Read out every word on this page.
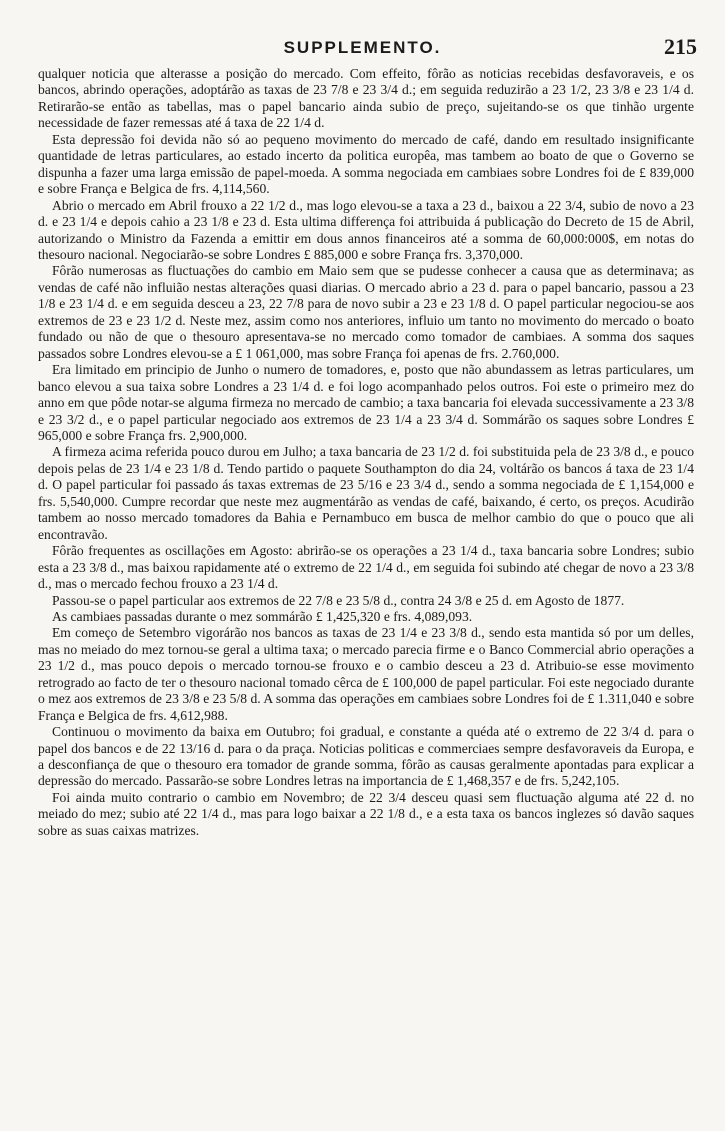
SUPPLEMENTO.	215

qualquer noticia que alterasse a posição do mercado. Com effeito, fôrão as noticias recebidas desfavoraveis, e os bancos, abrindo operações, adoptárão as taxas de 23 7/8 e 23 3/4 d.; em seguida reduzirão a 23 1/2, 23 3/8 e 23 1/4 d. Retirarão-se então as tabellas, mas o papel bancario ainda subio de preço, sujeitando-se os que tinhão urgente necessidade de fazer remessas até á taxa de 22 1/4 d.

Esta depressão foi devida não só ao pequeno movimento do mercado de café, dando em resultado insignificante quantidade de letras particulares, ao estado incerto da politica europêa, mas tambem ao boato de que o Governo se dispunha a fazer uma larga emissão de papel-moeda. A somma negociada em cambiaes sobre Londres foi de £ 839,000 e sobre França e Belgica de frs. 4,114,560.

Abrio o mercado em Abril frouxo a 22 1/2 d., mas logo elevou-se a taxa a 23 d., baixou a 22 3/4, subio de novo a 23 d. e 23 1/4 e depois cahio a 23 1/8 e 23 d. Esta ultima differença foi attribuida á publicação do Decreto de 15 de Abril, autorizando o Ministro da Fazenda a emittir em dous annos financeiros até a somma de 60,000:000$, em notas do thesouro nacional. Negociarão-se sobre Londres £ 885,000 e sobre França frs. 3,370,000.

Fôrão numerosas as fluctuações do cambio em Maio sem que se pudesse conhecer a causa que as determinava; as vendas de café não influião nestas alterações quasi diarias. O mercado abrio a 23 d. para o papel bancario, passou a 23 1/8 e 23 1/4 d. e em seguida desceu a 23, 22 7/8 para de novo subir a 23 e 23 1/8 d. O papel particular negociou-se aos extremos de 23 e 23 1/2 d. Neste mez, assim como nos anteriores, influio um tanto no movimento do mercado o boato fundado ou não de que o thesouro apresentava-se no mercado como tomador de cambiaes. A somma dos saques passados sobre Londres elevou-se a £ 1 061,000, mas sobre França foi apenas de frs. 2.760,000.

Era limitado em principio de Junho o numero de tomadores, e, posto que não abundassem as letras particulares, um banco elevou a sua taixa sobre Londres a 23 1/4 d. e foi logo acompanhado pelos outros. Foi este o primeiro mez do anno em que pôde notar-se alguma firmeza no mercado de cambio; a taxa bancaria foi elevada successivamente a 23 3/8 e 23 3/2 d., e o papel particular negociado aos extremos de 23 1/4 a 23 3/4 d. Sommárão os saques sobre Londres £ 965,000 e sobre França frs. 2,900,000.

A firmeza acima referida pouco durou em Julho; a taxa bancaria de 23 1/2 d. foi substituida pela de 23 3/8 d., e pouco depois pelas de 23 1/4 e 23 1/8 d. Tendo partido o paquete Southampton do dia 24, voltárão os bancos á taxa de 23 1/4 d. O papel particular foi passado ás taxas extremas de 23 5/16 e 23 3/4 d., sendo a somma negociada de £ 1,154,000 e frs. 5,540,000. Cumpre recordar que neste mez augmentárão as vendas de café, baixando, é certo, os preços. Acudirão tambem ao nosso mercado tomadores da Bahia e Pernambuco em busca de melhor cambio do que o pouco que ali encontravão.

Fôrão frequentes as oscillações em Agosto: abrirão-se os operações a 23 1/4 d., taxa bancaria sobre Londres; subio esta a 23 3/8 d., mas baixou rapidamente até o extremo de 22 1/4 d., em seguida foi subindo até chegar de novo a 23 3/8 d., mas o mercado fechou frouxo a 23 1/4 d.

Passou-se o papel particular aos extremos de 22 7/8 e 23 5/8 d., contra 24 3/8 e 25 d. em Agosto de 1877.

As cambiaes passadas durante o mez sommárão £ 1,425,320 e frs. 4,089,093.

Em começo de Setembro vigorárão nos bancos as taxas de 23 1/4 e 23 3/8 d., sendo esta mantida só por um delles, mas no meiado do mez tornou-se geral a ultima taxa; o mercado parecia firme e o Banco Commercial abrio operações a 23 1/2 d., mas pouco depois o mercado tornou-se frouxo e o cambio desceu a 23 d. Atribuio-se esse movimento retrogrado ao facto de ter o thesouro nacional tomado cêrca de £ 100,000 de papel particular. Foi este negociado durante o mez aos extremos de 23 3/8 e 23 5/8 d. A somma das operações em cambiaes sobre Londres foi de £ 1.311,040 e sobre França e Belgica de frs. 4,612,988.

Continuou o movimento da baixa em Outubro; foi gradual, e constante a quéda até o extremo de 22 3/4 d. para o papel dos bancos e de 22 13/16 d. para o da praça. Noticias politicas e commerciaes sempre desfavoraveis da Europa, e a desconfiança de que o thesouro era tomador de grande somma, fôrão as causas geralmente apontadas para explicar a depressão do mercado. Passarão-se sobre Londres letras na importancia de £ 1,468,357 e de frs. 5,242,105.

Foi ainda muito contrario o cambio em Novembro; de 22 3/4 desceu quasi sem fluctuação alguma até 22 d. no meiado do mez; subio até 22 1/4 d., mas para logo baixar a 22 1/8 d., e a esta taxa os bancos inglezes só davão saques sobre as suas caixas matrizes.
